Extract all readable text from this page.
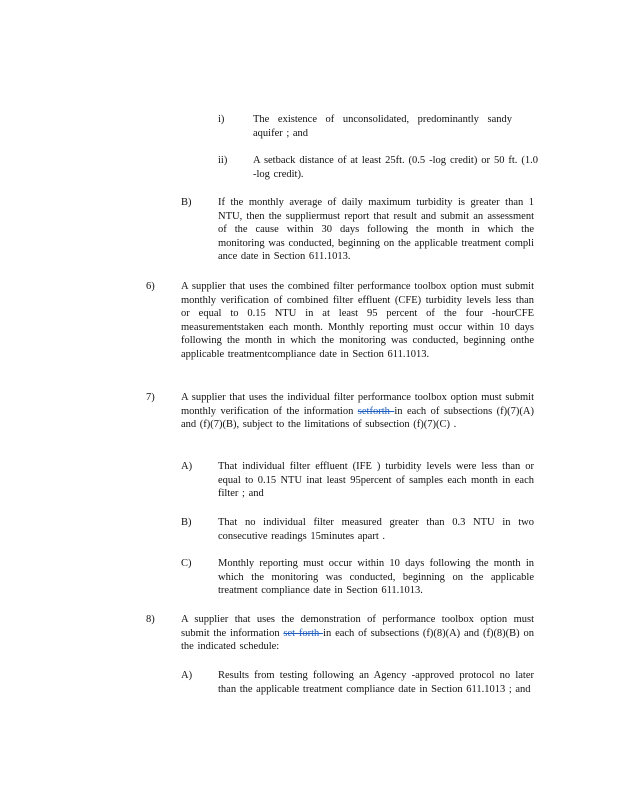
i)	The existence of unconsolidated, predominantly sandy aquifer ; and
ii) A setback distance of at least 25ft. (0.5 -log credit) or 50 ft. (1.0 -log credit).
B)	If the monthly average of daily maximum turbidity is greater than 1 NTU, then the suppliermust report that result and submit an assessment of the cause within 30 days following the month in which the monitoring was conducted, beginning on the applicable treatment compli ance date in Section 611.1013.
6)	A supplier that uses the combined filter performance toolbox option must submit monthly verification of combined filter effluent (CFE) turbidity levels less than or equal to 0.15 NTU in at least 95 percent of the four -hourCFE measurementstaken each month. Monthly reporting must occur within 10 days following the month in which the monitoring was conducted, beginning onthe applicable treatmentcompliance date in Section 611.1013.
7)	A supplier that uses the individual filter performance toolbox option must submit monthly verification of the information setforth in each of subsections (f)(7)(A) and (f)(7)(B), subject to the limitations of subsection (f)(7)(C) .
A) That individual filter effluent (IFE ) turbidity levels were less than or equal to 0.15 NTU inat least 95percent of samples each month in each filter ; and
B)	That no individual filter measured greater than 0.3 NTU in two consecutive readings 15minutes apart .
C)	Monthly reporting must occur within 10 days following the month in which the monitoring was conducted, beginning on the applicable treatment compliance date in Section 611.1013.
8)	A supplier that uses the demonstration of performance toolbox option must submit the information set forth in each of subsections (f)(8)(A) and (f)(8)(B) on the indicated schedule:
A) Results from testing following an Agency -approved protocol no later than the applicable treatment compliance date in Section 611.1013 ; and
